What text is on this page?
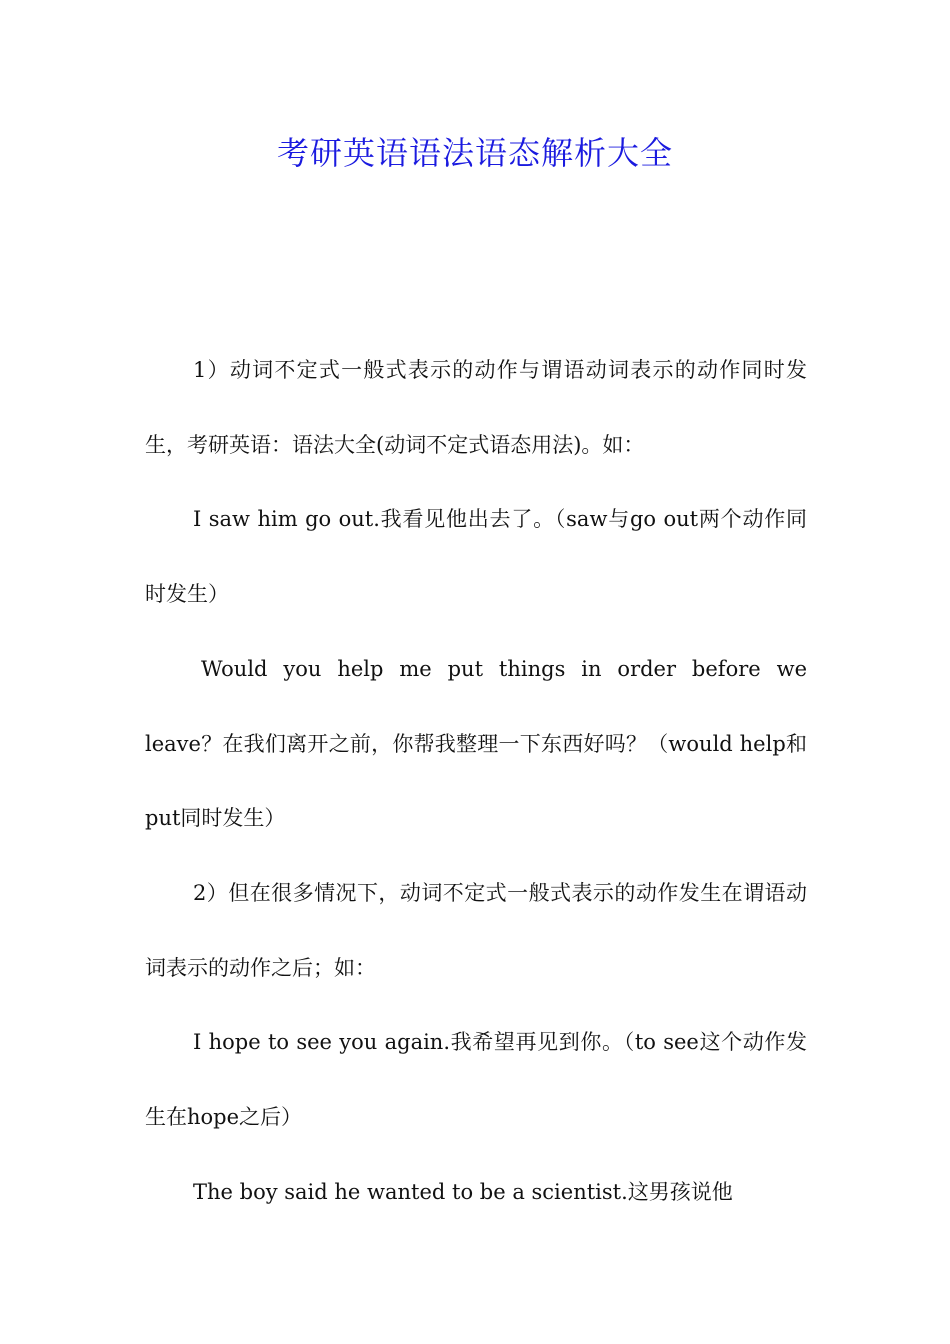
考研英语语法语态解析大全

1）动词不定式一般式表示的动作与谓语动词表示的动作同时发生，考研英语：语法大全(动词不定式语态用法)。如：

I saw him go out.我看见他出去了。（saw与go out两个动作同时发生）

Would you help me put things in order before we leave？在我们离开之前，你帮我整理一下东西好吗？（would help和put同时发生）

2）但在很多情况下，动词不定式一般式表示的动作发生在谓语动词表示的动作之后；如：

I hope to see you again.我希望再见到你。（to see这个动作发生在hope之后）

The boy said he wanted to be a scientist.这男孩说他
